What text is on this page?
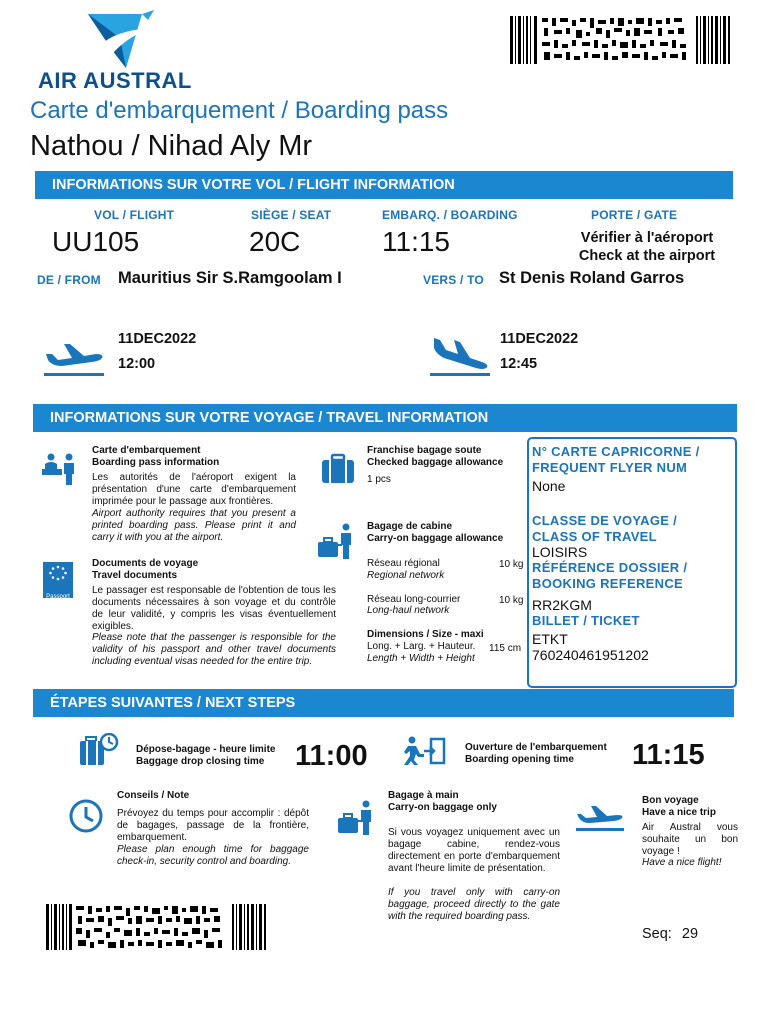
AIR AUSTRAL
Carte d'embarquement / Boarding pass
Nathou / Nihad Aly Mr
INFORMATIONS SUR VOTRE VOL / FLIGHT INFORMATION
VOL / FLIGHT	SIÈGE / SEAT	EMBARQ. / BOARDING	PORTE / GATE
UU105	20C	11:15	Vérifier à l'aéroport
Check at the airport
DE / FROM Mauritius Sir S.Ramgoolam I	VERS / TO St Denis Roland Garros
11DEC2022
12:00
11DEC2022
12:45
INFORMATIONS SUR VOTRE VOYAGE / TRAVEL INFORMATION
Carte d'embarquement
Boarding pass information
Les autorités de l'aéroport exigent la présentation d'une carte d'embarquement imprimée pour le passage aux frontières.
Airport authority requires that you present a printed boarding pass. Please print it and carry it with you at the airport.
Passport
Documents de voyage
Travel documents
Le passager est responsable de l'obtention de tous les documents nécessaires à son voyage et du contrôle de leur validité, y compris les visas éventuellement exigibles.
Please note that the passenger is responsible for the validity of his passport and other travel documents including eventual visas needed for the entire trip.
Franchise bagage soute
Checked baggage allowance
1 pcs
Bagage de cabine
Carry-on baggage allowance
Réseau régional
Regional network
10 kg
Réseau long-courrier
Long-haul network
10 kg
Dimensions / Size - maxi
Long. + Larg. + Hauteur.
Length + Width + Height
115 cm
N° CARTE CAPRICORNE /
FREQUENT FLYER NUM
None
CLASSE DE VOYAGE /
CLASS OF TRAVEL
LOISIRS
RÉFÉRENCE DOSSIER /
BOOKING REFERENCE
RR2KGM
BILLET / TICKET
ETKT
760240461951202
ÉTAPES SUIVANTES / NEXT STEPS
Dépose-bagage - heure limite
Baggage drop closing time	11:00	Ouverture de l'embarquement
Boarding opening time	11:15
Conseils / Note
Prévoyez du temps pour accomplir : dépôt de bagages, passage de la frontière, embarquement.
Please plan enough time for baggage check-in, security control and boarding.
Bagage à main
Carry-on baggage only
Si vous voyagez uniquement avec un bagage cabine, rendez-vous directement en porte d'embarquement avant l'heure limite de présentation.
If you travel only with carry-on baggage, proceed directly to the gate with the required boarding pass.
Bon voyage
Have a nice trip
Air Austral vous souhaite un bon voyage !
Have a nice flight!
Seq: 29
